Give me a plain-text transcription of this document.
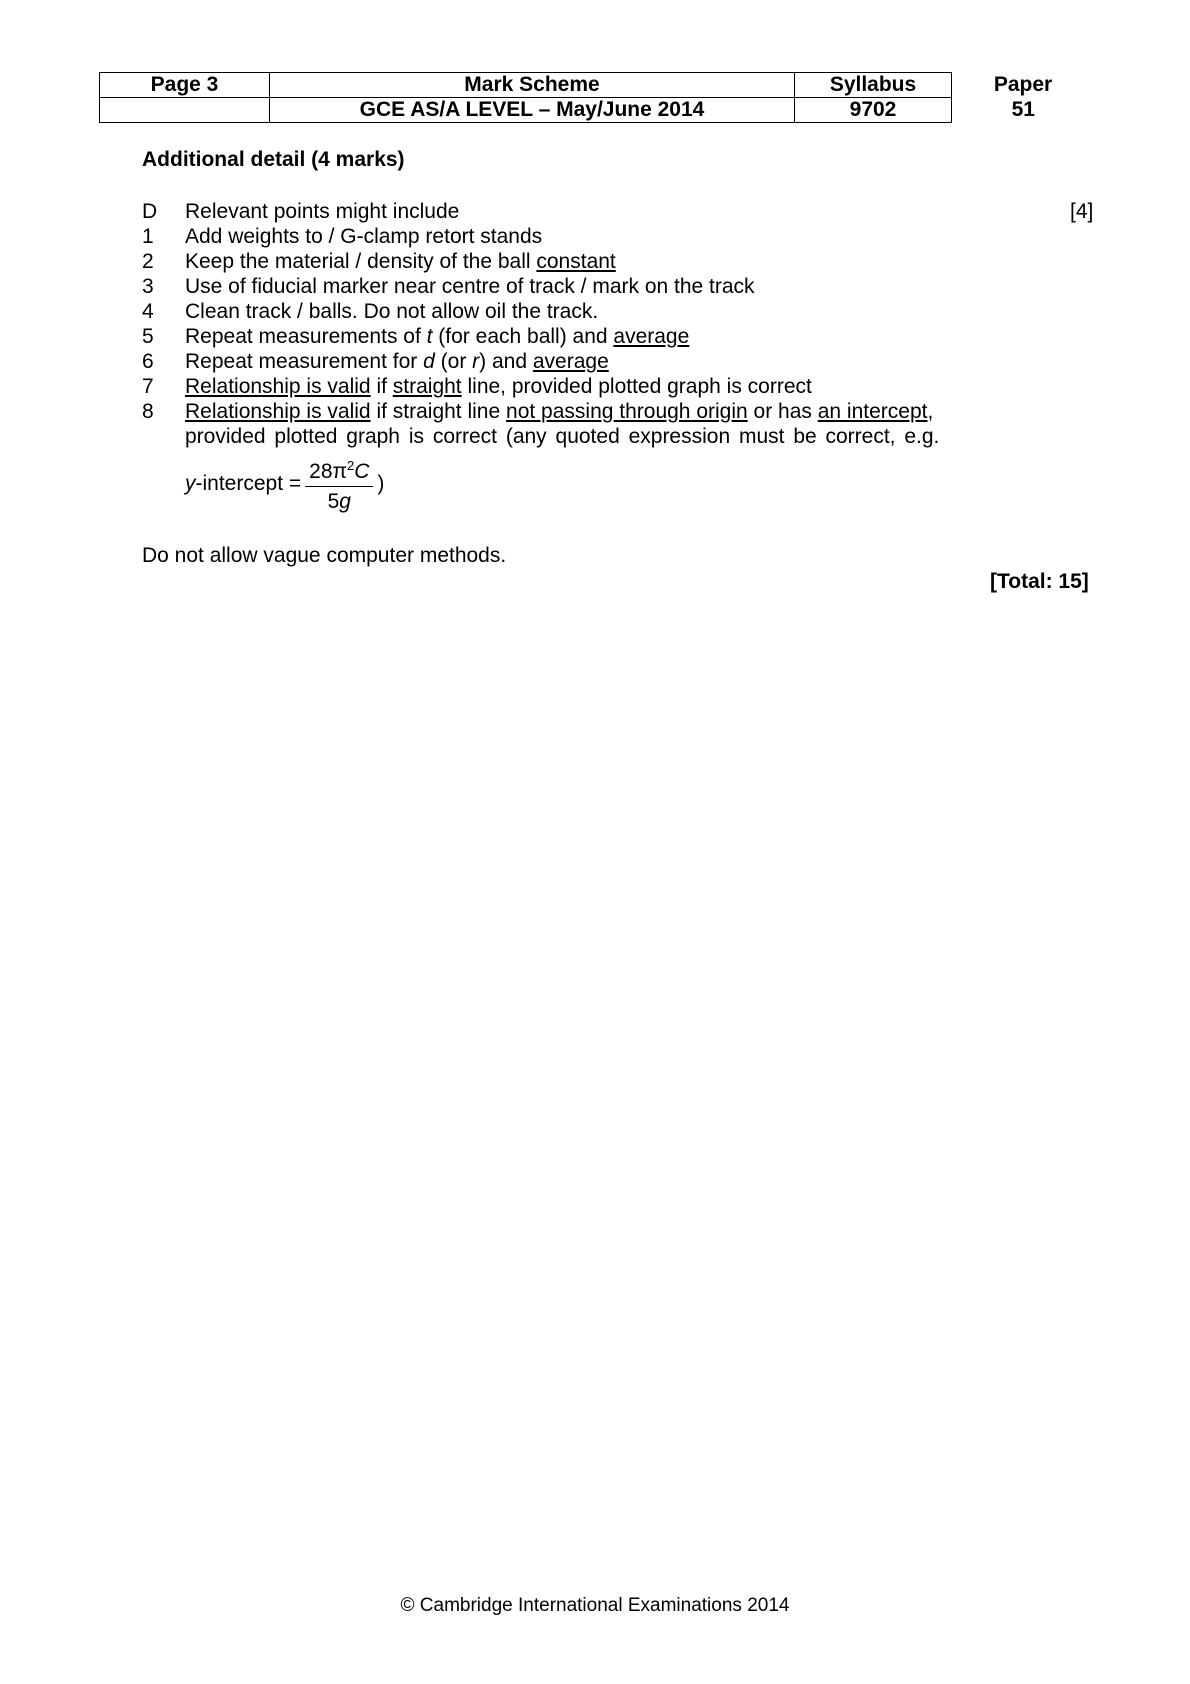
Page 3	Mark Scheme	Syllabus	Paper
	GCE AS/A LEVEL – May/June 2014	9702	51
Additional detail (4 marks)
[4]
D	Relevant points might include
1	Add weights to / G-clamp retort stands
2	Keep the material / density of the ball constant
3	Use of fiducial marker near centre of track / mark on the track
4	Clean track / balls. Do not allow oil the track.
5	Repeat measurements of t (for each ball) and average
6	Repeat measurement for d (or r) and average
7	Relationship is valid if straight line, provided plotted graph is correct
8	Relationship is valid if straight line not passing through origin or has an intercept,
provided plotted graph is correct (any quoted expression must be correct, e.g.
y -intercept = $\frac{28\pi^2C}{5g}$ )
Do not allow vague computer methods.
[Total: 15]
© Cambridge International Examinations 2014
